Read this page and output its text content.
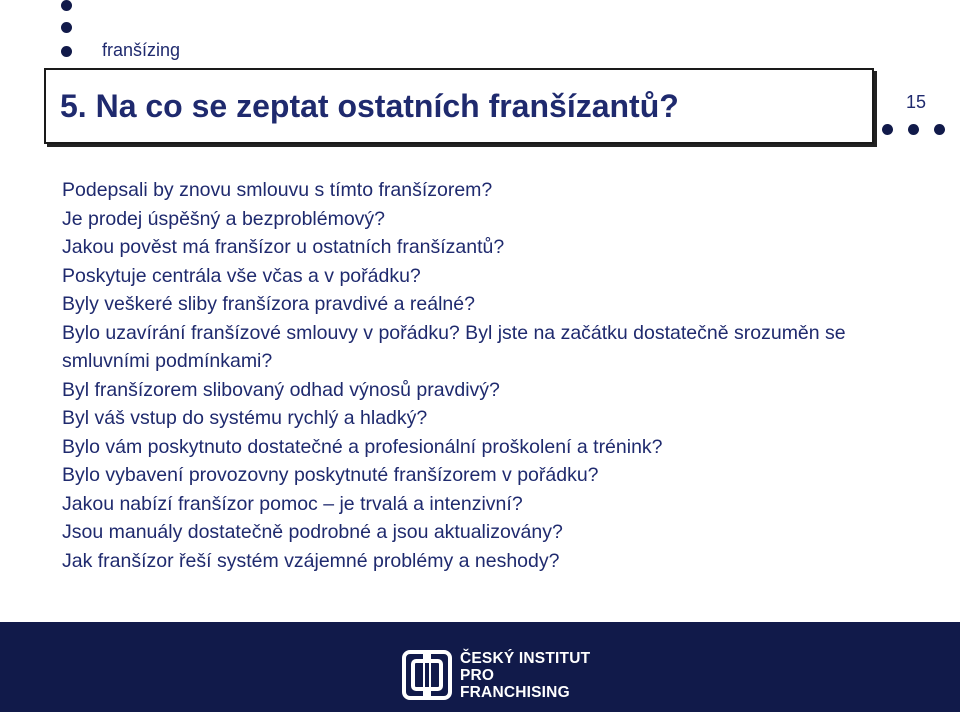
franšízing
5. Na co se zeptat ostatních franšízantů?	15
Podepsali by znovu smlouvu s tímto franšízorem?
Je prodej úspěšný a bezproblémový?
Jakou pověst má franšízor u ostatních franšízantů?
Poskytuje centrála vše včas a v pořádku?
Byly veškeré sliby franšízora pravdivé a reálné?
Bylo uzavírání franšízové smlouvy v pořádku? Byl jste na začátku dostatečně srozuměn se smluvními podmínkami?
Byl franšízorem slibovaný odhad výnosů pravdivý?
Byl váš vstup do systému rychlý a hladký?
Bylo vám poskytnuto dostatečné a profesionální proškolení a trénink?
Bylo vybavení provozovny poskytnuté franšízorem v pořádku?
Jakou nabízí franšízor pomoc – je trvalá a intenzivní?
Jsou manuály dostatečně podrobné a jsou aktualizovány?
Jak franšízor řeší systém vzájemné problémy a neshody?
ČESKÝ INSTITUT
PRO
FRANCHISING
